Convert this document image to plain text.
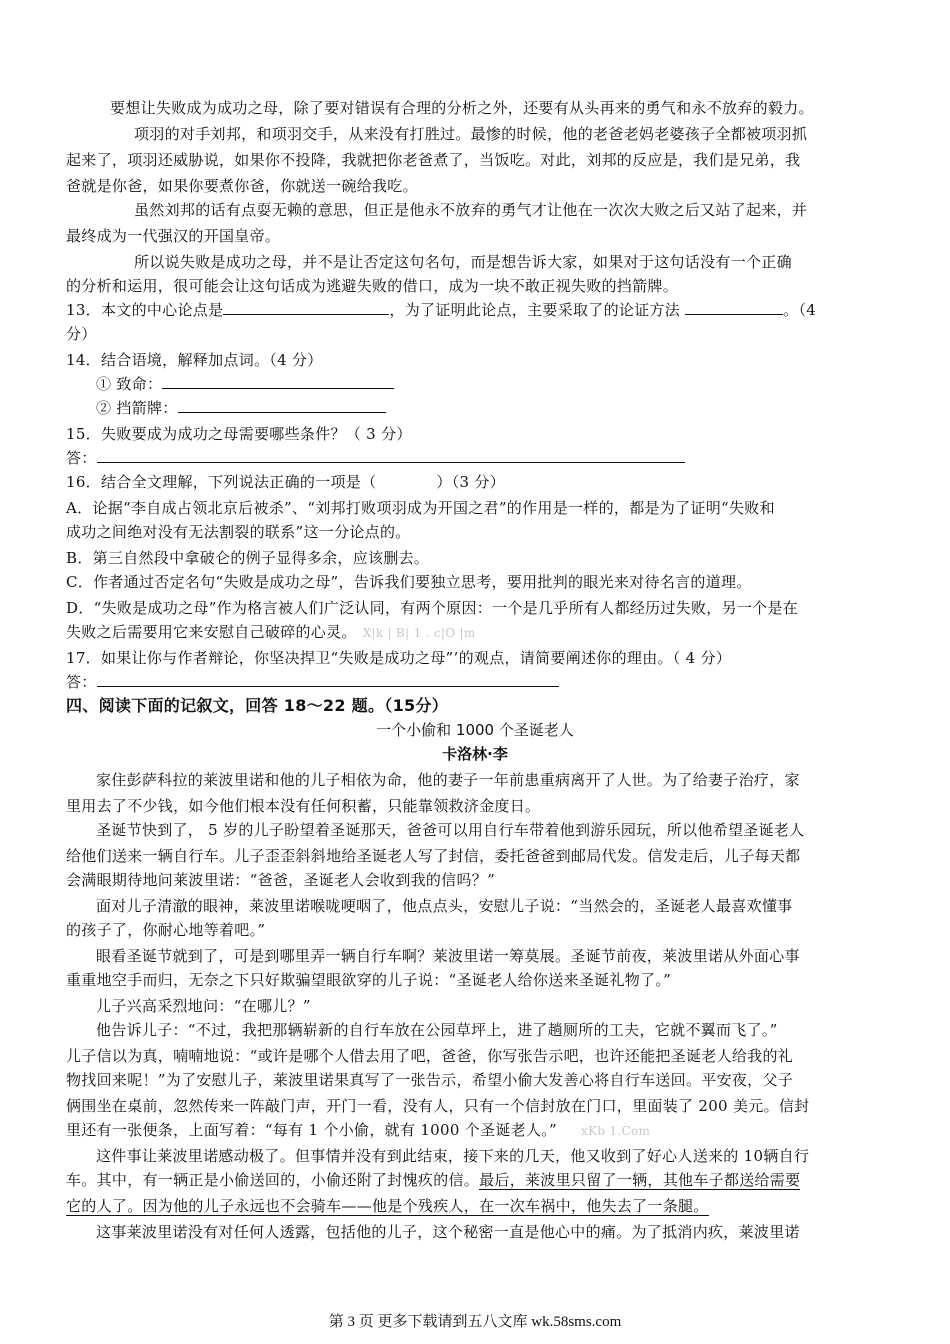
要想让失败成为成功之母，除了要对错误有合理的分析之外，还要有从头再来的勇气和永不放弃的毅力。
项羽的对手刘邦，和项羽交手，从来没有打胜过。最惨的时候，他的老爸老妈老婆孩子全都被项羽抓
起来了，项羽还威胁说，如果你不投降，我就把你老爸煮了，当饭吃。对此，刘邦的反应是，我们是兄弟，我
爸就是你爸，如果你要煮你爸，你就送一碗给我吃。
虽然刘邦的话有点耍无赖的意思，但正是他永不放弃的勇气才让他在一次次大败之后又站了起来，并
最终成为一代强汉的开国皇帝。
所以说失败是成功之母，并不是让否定这句名句，而是想告诉大家，如果对于这句话没有一个正确
的分析和运用，很可能会让这句话成为逃避失败的借口，成为一块不敢正视失败的挡箭牌。
13．本文的中心论点是	，为了证明此论点，主要采取了的论证方法	。（4
分）
14．结合语境，解释加点词。（4 分）
① 致命：
② 挡箭牌：
15．失败要成为成功之母需要哪些条件？（ 3 分）
答：
16．结合全文理解，下列说法正确的一项是（	）（3 分）
A．论据“李自成占领北京后被杀”、“刘邦打败项羽成为开国之君”的作用是一样的，都是为了证明“失败和
成功之间绝对没有无法割裂的联系”这一分论点的。
B．第三自然段中拿破仑的例子显得多余，应该删去。
C．作者通过否定名句“失败是成功之母”，告诉我们要独立思考，要用批判的眼光来对待名言的道理。
D．“失败是成功之母”作为格言被人们广泛认同，有两个原因：一个是几乎所有人都经历过失败，另一个是在
失败之后需要用它来安慰自己破碎的心灵。 X|k | B| 1 . c|O |m
17．如果让你与作者辩论，你坚决捍卫“失败是成功之母”’的观点，请简要阐述你的理由。（ 4 分）
答：
四、阅读下面的记叙文，回答 18～22 题。（15分）
一个小偷和 1000 个圣诞老人
卡洛林·李
家住彭萨科拉的莱波里诺和他的儿子相依为命，他的妻子一年前患重病离开了人世。为了给妻子治疗，家
里用去了不少钱，如今他们根本没有任何积蓄，只能靠领救济金度日。
圣诞节快到了， 5 岁的儿子盼望着圣诞那天，爸爸可以用自行车带着他到游乐园玩，所以他希望圣诞老人
给他们送来一辆自行车。儿子歪歪斜斜地给圣诞老人写了封信，委托爸爸到邮局代发。信发走后，儿子每天都
会满眼期待地问莱波里诺：“爸爸，圣诞老人会收到我的信吗？”
面对儿子清澈的眼神，莱波里诺喉咙哽咽了，他点点头，安慰儿子说：“当然会的，圣诞老人最喜欢懂事
的孩子了，你耐心地等着吧。”
眼看圣诞节就到了，可是到哪里弄一辆自行车啊？莱波里诺一筹莫展。圣诞节前夜，莱波里诺从外面心事
重重地空手而归，无奈之下只好欺骗望眼欲穿的儿子说：“圣诞老人给你送来圣诞礼物了。”
儿子兴高采烈地问：“在哪儿？”
他告诉儿子：“不过，我把那辆崭新的自行车放在公园草坪上，进了趟厕所的工夫，它就不翼而飞了。”
儿子信以为真，喃喃地说：“或许是哪个人借去用了吧，爸爸，你写张告示吧，也许还能把圣诞老人给我的礼
物找回来呢！”为了安慰儿子，莱波里诺果真写了一张告示，希望小偷大发善心将自行车送回。平安夜，父子
俩围坐在桌前，忽然传来一阵敲门声，开门一看，没有人，只有一个信封放在门口，里面装了 200 美元。信封
里还有一张便条，上面写着：“每有 1 个小偷，就有 1000 个圣诞老人。” xKb 1.Com
这件事让莱波里诺感动极了。但事情并没有到此结束，接下来的几天，他又收到了好心人送来的 10辆自行
车。其中，有一辆正是小偷送回的，小偷还附了封愧疚的信。最后，莱波里只留了一辆，其他车子都送给需要
它的人了。因为他的儿子永远也不会骑车——他是个残疾人，在一次车祸中，他失去了一条腿。
这事莱波里诺没有对任何人透露，包括他的儿子，这个秘密一直是他心中的痛。为了抵消内疚，莱波里诺
第 3 页 更多下载请到五八文库 wk.58sms.com
